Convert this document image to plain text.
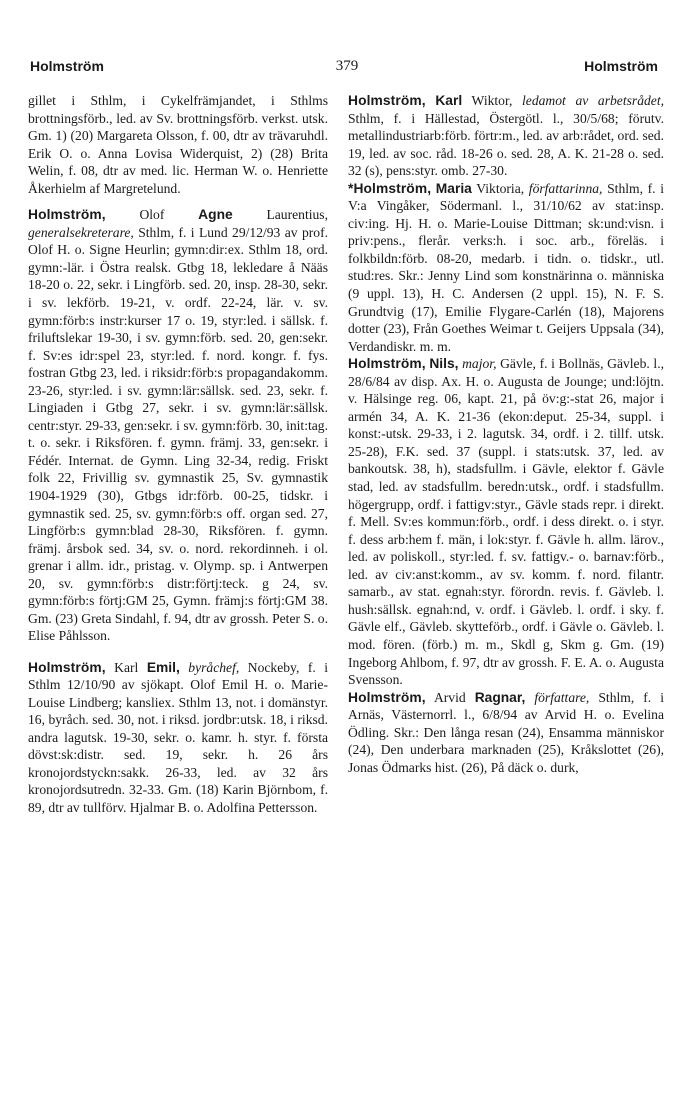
Holmström	379	Holmström

gillet i Sthlm, i Cykelfrämjandet, i Sthlms brottningsförb., led. av Sv. brottningsförb. verkst. utsk. Gm. 1) (20) Margareta Olsson, f. 00, dtr av trävaruhdl. Erik O. o. Anna Lovisa Widerquist, 2) (28) Brita Welin, f. 08, dtr av med. lic. Herman W. o. Henriette Åkerhielm af Margretelund.

Holmström, Olof Agne Laurentius, generalsekreterare, Sthlm, f. i Lund 29/12/93 av prof. Olof H. o. Signe Heurlin; gymn:dir:ex. Sthlm 18, ord. gymn:-lär. i Östra realsk. Gtbg 18, lekledare å Nääs 18-20 o. 22, sekr. i Lingförb. sed. 20, insp. 28-30, sekr. i sv. lekförb. 19-21, v. ordf. 22-24, lär. v. sv. gymn:förb:s instr:kurser 17 o. 19, styr:led. i sällsk. f. friluftslekar 19-30, i sv. gymn:förb. sed. 20, gen:sekr. f. Sv:es idr:spel 23, styr:led. f. nord. kongr. f. fys. fostran Gtbg 23, led. i riksidr:förb:s propagandakomm. 23-26, styr:led. i sv. gymn:lär:sällsk. sed. 23, sekr. f. Lingiaden i Gtbg 27, sekr. i sv. gymn:lär:sällsk. centr:styr. 29-33, gen:sekr. i sv. gymn:förb. 30, init:tag. t. o. sekr. i Riksfören. f. gymn. främj. 33, gen:sekr. i Fédér. Internat. de Gymn. Ling 32-34, redig. Friskt folk 22, Frivillig sv. gymnastik 25, Sv. gymnastik 1904-1929 (30), Gtbgs idr:förb. 00-25, tidskr. i gymnastik sed. 25, sv. gymn:förb:s off. organ sed. 27, Lingförb:s gymn:blad 28-30, Riksfören. f. gymn. främj. årsbok sed. 34, sv. o. nord. rekordinneh. i ol. grenar i allm. idr., pristag. v. Olymp. sp. i Antwerpen 20, sv. gymn:förb:s distr:förtj:teck. g 24, sv. gymn:förb:s förtj:GM 25, Gymn. främj:s förtj:GM 38. Gm. (23) Greta Sindahl, f. 94, dtr av grossh. Peter S. o. Elise Påhlsson.

Holmström, Karl Emil, byråchef, Nockeby, f. i Sthlm 12/10/90 av sjökapt. Olof Emil H. o. Marie-Louise Lindberg; kansliex. Sthlm 13, not. i domänstyr. 16, byråch. sed. 30, not. i riksd. jordbr:utsk. 18, i riksd. andra lagutsk. 19-30, sekr. o. kamr. h. styr. f. första dövst:sk:distr. sed. 19, sekr. h. 26 års kronojordstyckn:sakk. 26-33, led. av 32 års kronojordsutredn. 32-33. Gm. (18) Karin Björnbom, f. 89, dtr av tullförv. Hjalmar B. o. Adolfina Pettersson.

Holmström, Karl Wiktor, ledamot av arbetsrådet, Sthlm, f. i Hällestad, Östergötl. l., 30/5/68; förutv. metallindustriarb:förb. förtr:m., led. av arb:rådet, ord. sed. 19, led. av soc. råd. 18-26 o. sed. 28, A. K. 21-28 o. sed. 32 (s), pens:styr. omb. 27-30.

*Holmström, Maria Viktoria, författarinna, Sthlm, f. i V:a Vingåker, Södermanl. l., 31/10/62 av stat:insp. civ:ing. Hj. H. o. Marie-Louise Dittman; sk:und:visn. i priv:pens., flerår. verks:h. i soc. arb., föreläs. i folkbildn:förb. 08-20, medarb. i tidn. o. tidskr., utl. stud:res. Skr.: Jenny Lind som konstnärinna o. människa (9 uppl. 13), H. C. Andersen (2 uppl. 15), N. F. S. Grundtvig (17), Emilie Flygare-Carlén (18), Majorens dotter (23), Från Goethes Weimar t. Geijers Uppsala (34), Verdandiskr. m. m.

Holmström, Nils, major, Gävle, f. i Bollnäs, Gävleb. l., 28/6/84 av disp. Ax. H. o. Augusta de Jounge; und:löjtn. v. Hälsinge reg. 06, kapt. 21, på öv:g:-stat 26, major i armén 34, A. K. 21-36 (ekon:deput. 25-34, suppl. i konst:-utsk. 29-33, i 2. lagutsk. 34, ordf. i 2. tillf. utsk. 25-28), F.K. sed. 37 (suppl. i stats:utsk. 37, led. av bankoutsk. 38, h), stadsfullm. i Gävle, elektor f. Gävle stad, led. av stadsfullm. beredn:utsk., ordf. i stadsfullm. högergrupp, ordf. i fattigv:styr., Gävle stads repr. i direkt. f. Mell. Sv:es kommun:förb., ordf. i dess direkt. o. i styr. f. dess arb:hem f. män, i lok:styr. f. Gävle h. allm. lärov., led. av poliskoll., styr:led. f. sv. fattigv.- o. barnav:förb., led. av civ:anst:komm., av sv. komm. f. nord. filantr. samarb., av stat. egnah:styr. förordn. revis. f. Gävleb. l. hush:sällsk. egnah:nd, v. ordf. i Gävleb. l. ordf. i sky. f. Gävle elf., Gävleb. skytteförb., ordf. i Gävle o. Gävleb. l. mod. fören. (förb.) m. m., Skdl g, Skm g. Gm. (19) Ingeborg Ahlbom, f. 97, dtr av grossh. F. E. A. o. Augusta Svensson.

Holmström, Arvid Ragnar, författare, Sthlm, f. i Arnäs, Västernorrl. l., 6/8/94 av Arvid H. o. Evelina Ödling. Skr.: Den långa resan (24), Ensamma människor (24), Den underbara marknaden (25), Kråkslottet (26), Jonas Ödmarks hist. (26), På däck o. durk,
